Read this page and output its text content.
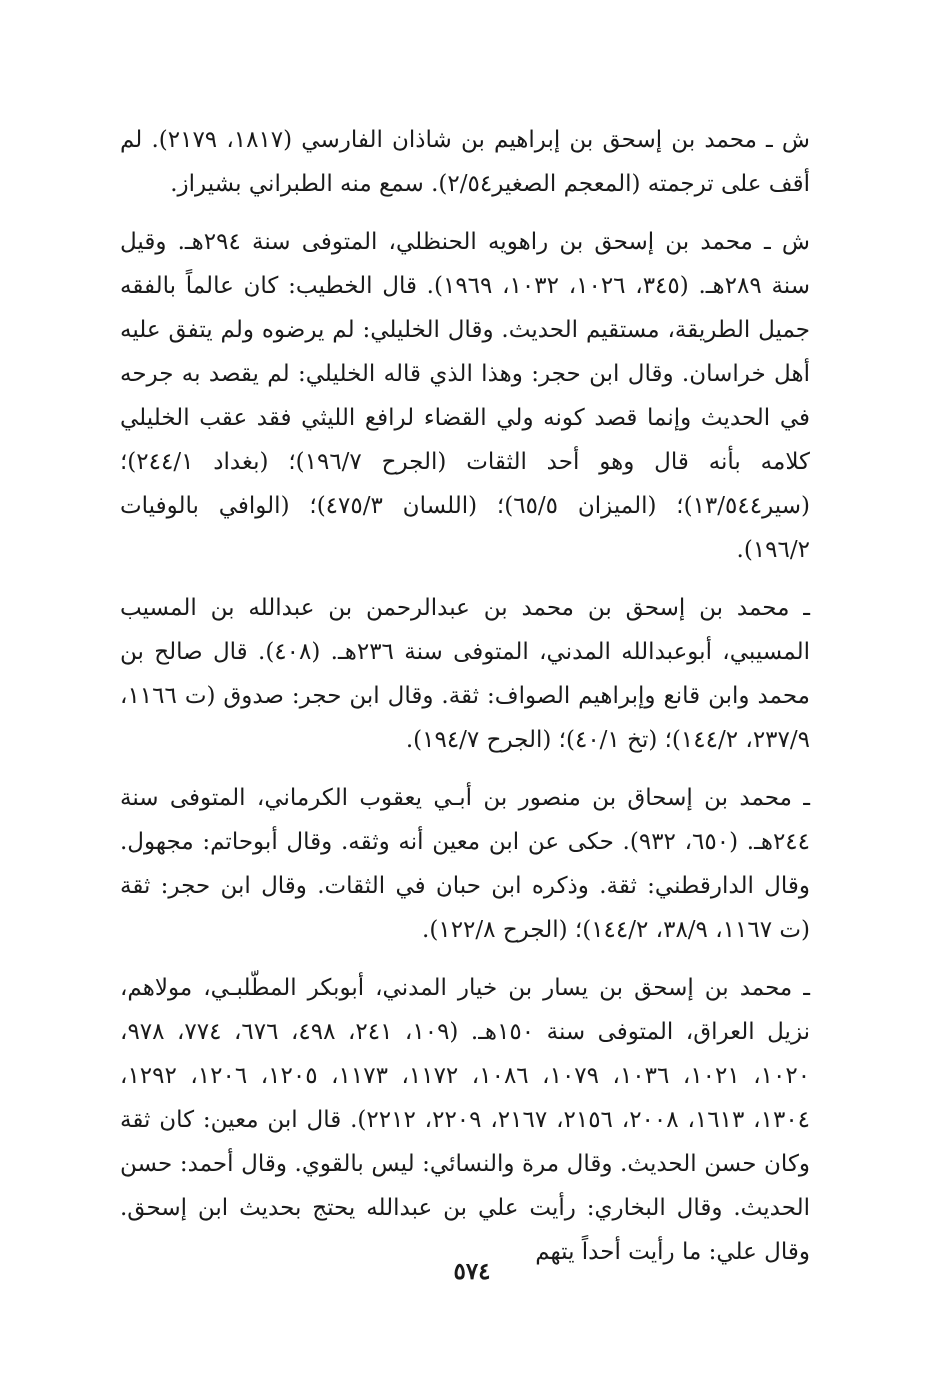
ش ـ محمد بن إسحق بن إبراهيم بن شاذان الفارسي (١٨١٧، ٢١٧٩). لم أقف على ترجمته (المعجم الصغير٢/٥٤). سمع منه الطبراني بشيراز.

ش ـ محمد بن إسحق بن راهويه الحنظلي، المتوفى سنة ٢٩٤هـ. وقيل سنة ٢٨٩هـ. (٣٤٥، ١٠٢٦، ١٠٣٢، ١٩٦٩). قال الخطيب: كان عالماً بالفقه جميل الطريقة، مستقيم الحديث. وقال الخليلي: لم يرضوه ولم يتفق عليه أهل خراسان. وقال ابن حجر: وهذا الذي قاله الخليلي: لم يقصد به جرحه في الحديث وإنما قصد كونه ولي القضاء لرافع الليثي فقد عقب الخليلي كلامه بأنه قال وهو أحد الثقات (الجرح ١٩٦/٧)؛ (بغداد ٢٤٤/١)؛ (سير١٣/٥٤٤)؛ (الميزان ٦٥/٥)؛ (اللسان ٤٧٥/٣)؛ (الوافي بالوفيات ١٩٦/٢).

ـ محمد بن إسحق بن محمد بن عبدالرحمن بن عبدالله بن المسيب المسيبي، أبوعبدالله المدني، المتوفى سنة ٢٣٦هـ. (٤٠٨). قال صالح بن محمد وابن قانع وإبراهيم الصواف: ثقة. وقال ابن حجر: صدوق (ت ١١٦٦، ٢٣٧/٩، ١٤٤/٢)؛ (تخ ٤٠/١)؛ (الجرح ١٩٤/٧).

ـ محمد بن إسحاق بن منصور بن أبـي يعقوب الكرماني، المتوفى سنة ٢٤٤هـ. (٦٥٠، ٩٣٢). حكى عن ابن معين أنه وثقه. وقال أبوحاتم: مجهول. وقال الدارقطني: ثقة. وذكره ابن حبان في الثقات. وقال ابن حجر: ثقة (ت ١١٦٧، ٣٨/٩، ١٤٤/٢)؛ (الجرح ١٢٢/٨).

ـ محمد بن إسحق بن يسار بن خيار المدني، أبوبكر المطّلبـي، مولاهم، نزيل العراق، المتوفى سنة ١٥٠هـ. (١٠٩، ٢٤١، ٤٩٨، ٦٧٦، ٧٧٤، ٩٧٨، ١٠٢٠، ١٠٢١، ١٠٣٦، ١٠٧٩، ١٠٨٦، ١١٧٢، ١١٧٣، ١٢٠٥، ١٢٠٦، ١٢٩٢، ١٣٠٤، ١٦١٣، ٢٠٠٨، ٢١٥٦، ٢١٦٧، ٢٢٠٩، ٢٢١٢). قال ابن معين: كان ثقة وكان حسن الحديث. وقال مرة والنسائي: ليس بالقوي. وقال أحمد: حسن الحديث. وقال البخاري: رأيت علي بن عبدالله يحتج بحديث ابن إسحق. وقال علي: ما رأيت أحداً يتهم

٥٧٤
